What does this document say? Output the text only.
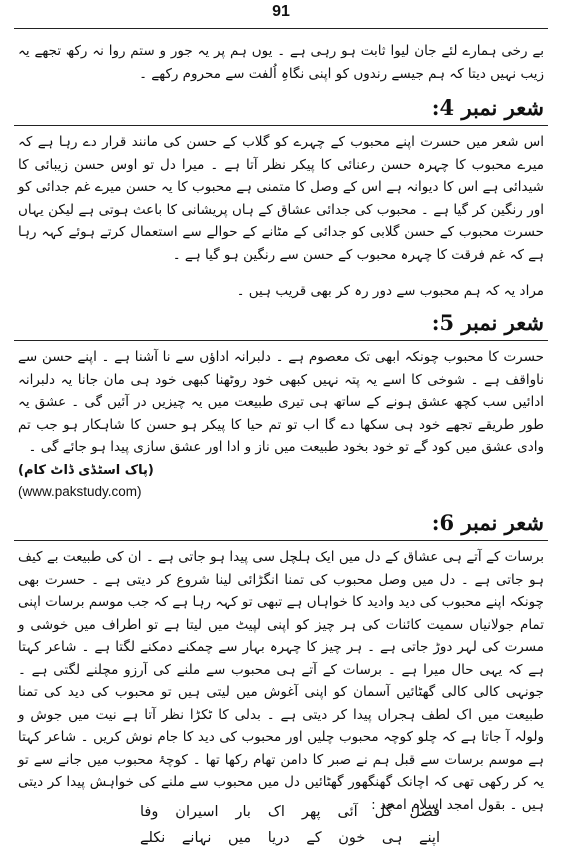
91

بے رخی ہمارے لئے جان لیوا ثابت ہو رہی ہے ۔ یوں ہم پر یہ جور و ستم روا نہ رکھ تجھے یہ زیب نہیں دیتا کہ ہم جیسے رندوں کو اپنی نگاہِ اُلفت سے محروم رکھے ۔

شعر نمبر 4:

اس شعر میں حسرت اپنے محبوب کے چہرے کو گلاب کے حسن کی مانند قرار دے رہا ہے کہ میرے محبوب کا چہرہ حسن رعنائی کا پیکر نظر آتا ہے ۔ میرا دل تو اوس حسن زیبائی کا شیدائی ہے اس کا دیوانہ ہے اس کے وصل کا متمنی ہے محبوب کا یہ حسن میرے غم جدائی کو اور رنگین کر گیا ہے ۔ محبوب کی جدائی عشاق کے ہاں پریشانی کا باعث ہوتی ہے لیکن یہاں حسرت محبوب کے حسن گلابی کو جدائی کے مٹانے کے حوالے سے استعمال کرتے ہوئے کہہ رہا ہے کہ غم فرقت کا چہرہ محبوب کے حسن سے رنگین ہو گیا ہے ۔

مراد یہ کہ ہم محبوب سے دور رہ کر بھی قریب ہیں ۔

شعر نمبر 5:

حسرت کا محبوب چونکہ ابھی تک معصوم ہے ۔ دلبرانہ اداؤں سے نا آشنا ہے ۔ اپنے حسن سے ناواقف ہے ۔ شوخی کا اسے یہ پتہ نہیں کبھی خود روٹھنا کبھی خود ہی مان جانا یہ دلبرانہ ادائیں سب کچھ عشق ہونے کے ساتھ ہی تیری طبیعت میں یہ چیزیں در آئیں گی ۔ عشق یہ طور طریقے تجھے خود ہی سکھا دے گا اب تو تم حیا کا پیکر ہو حسن کا شاہکار ہو جب تم وادی عشق میں کود گے تو خود بخود طبیعت میں ناز و ادا اور عشق سازی پیدا ہو جائے گی ۔

(پاک اسٹڈی ڈاٹ کام)
(www.pakstudy.com)
شعر نمبر 6:

برسات کے آتے ہی عشاق کے دل میں ایک ہلچل سی پیدا ہو جاتی ہے ۔ ان کی طبیعت بے کیف ہو جاتی ہے ۔ دل میں وصل محبوب کی تمنا انگڑائی لینا شروع کر دیتی ہے ۔ حسرت بھی چونکہ اپنے محبوب کی دید وادید کا خواہاں ہے تبھی تو کہہ رہا ہے کہ جب موسم برسات اپنی تمام جولانیاں سمیت کائنات کی ہر چیز کو اپنی لپیٹ میں لیتا ہے تو اطراف میں خوشی و مسرت کی لہر دوڑ جاتی ہے ۔ ہر چیز کا چہرہ بہار سے چمکنے دمکنے لگتا ہے ۔ شاعر کہتا ہے کہ یہی حال میرا ہے ۔ برسات کے آتے ہی محبوب سے ملنے کی آرزو مچلنے لگتی ہے ۔ جونہی کالی کالی گھٹائیں آسمان کو اپنی آغوش میں لیتی ہیں تو محبوب کی دید کی تمنا طبیعت میں اک لطف ہجراں پیدا کر دیتی ہے ۔ بدلی کا ٹکڑا نظر آتا ہے نیت میں جوش و ولولہ آ جاتا ہے کہ چلو کوچہ محبوب چلیں اور محبوب کی دید کا جام نوش کریں ۔ شاعر کہتا ہے موسم برسات سے قبل ہم نے صبر کا دامن تھام رکھا تھا ۔ کوچۂ محبوب میں جانے سے تو یہ کر رکھی تھی کہ اچانک گھنگھور گھٹائیں دل میں محبوب سے ملنے کی خواہش پیدا کر دیتی ہیں ۔ بقول امجد اسلام امجد :

فصل گل آئی پھر اک بار اسیران وفا
اپنے ہی خون کے دریا میں نہانے نکلے
